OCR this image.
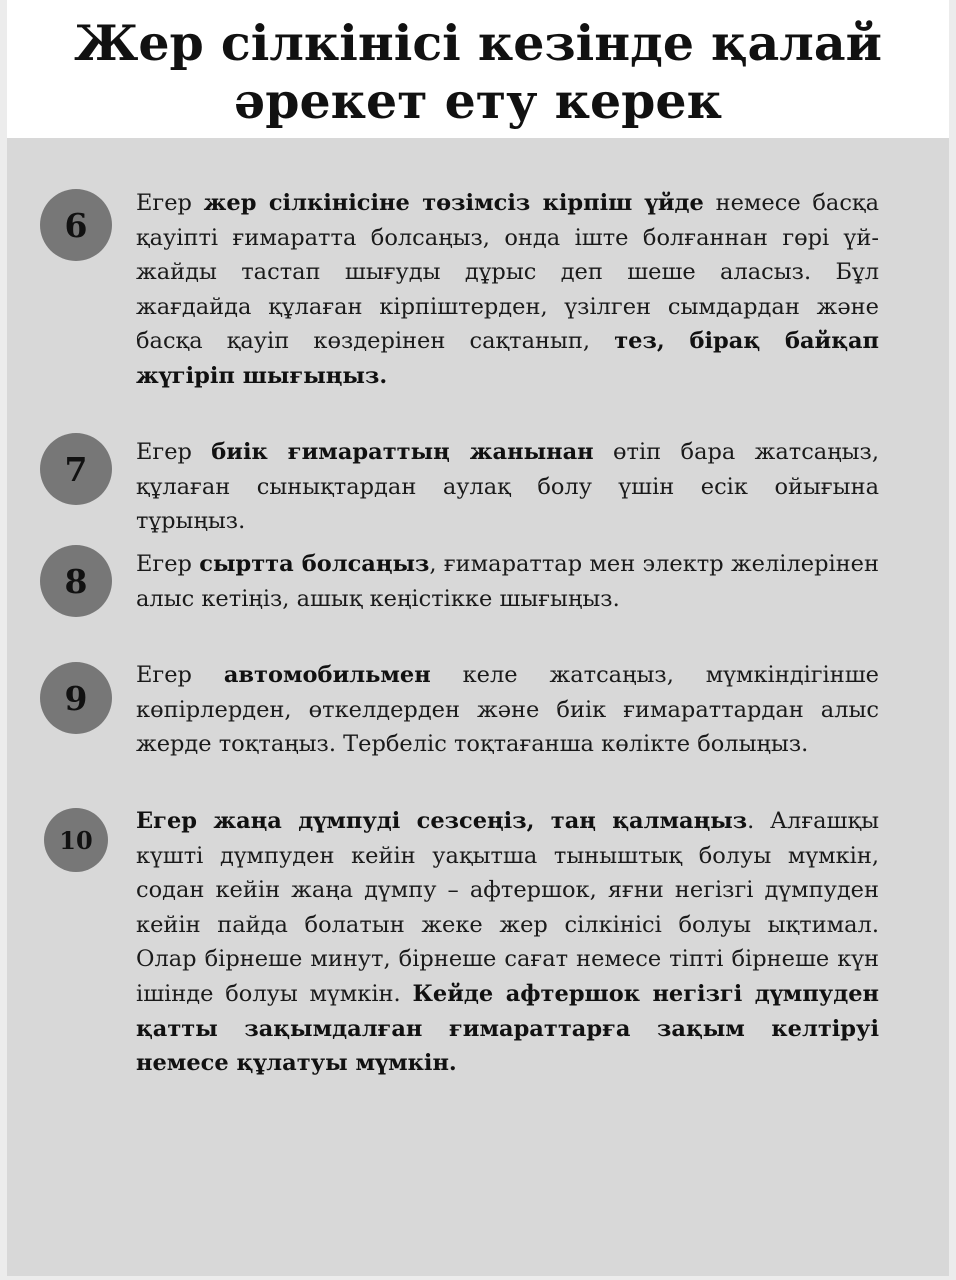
Жер сілкінісі кезінде қалай
әрекет ету керек
6

Егер жер сілкінісіне төзімсіз кірпіш үйде немесе басқа қауіпті ғимаратта болсаңыз, онда іште болғаннан гөрі үй-жайды тастап шығуды дұрыс деп шеше аласыз. Бұл жағдайда құлаған кірпіштерден, үзілген сымдардан және басқа қауіп көздерінен сақтанып, тез, бірақ байқап жүгіріп шығыңыз.

7	Егер биік ғимараттың жанынан өтіп бара жатсаңыз, құлаған сынықтардан аулақ болу үшін есік ойығына тұрыңыз.

8	Егер сыртта болсаңыз, ғимараттар мен электр желілерінен алыс кетіңіз, ашық кеңістікке шығыңыз.

9

Егер автомобильмен келе жатсаңыз, мүмкіндігінше көпірлерден, өткелдерден және биік ғимараттардан алыс жерде тоқтаңыз. Тербеліс тоқтағанша көлікте болыңыз.

10

Егер жаңа дүмпуді сезсеңіз, таң қалмаңыз. Алғашқы күшті дүмпуден кейін уақытша тыныштық болуы мүмкін, содан кейін жаңа дүмпу – афтершок, яғни негізгі дүмпуден кейін пайда болатын жеке жер сілкінісі болуы ықтимал. Олар бірнеше минут, бірнеше сағат немесе тіпті бірнеше күн ішінде болуы мүмкін. Кейде афтершок негізгі дүмпуден қатты зақымдалған ғимараттарға зақым келтіруі немесе құлатуы мүмкін.
